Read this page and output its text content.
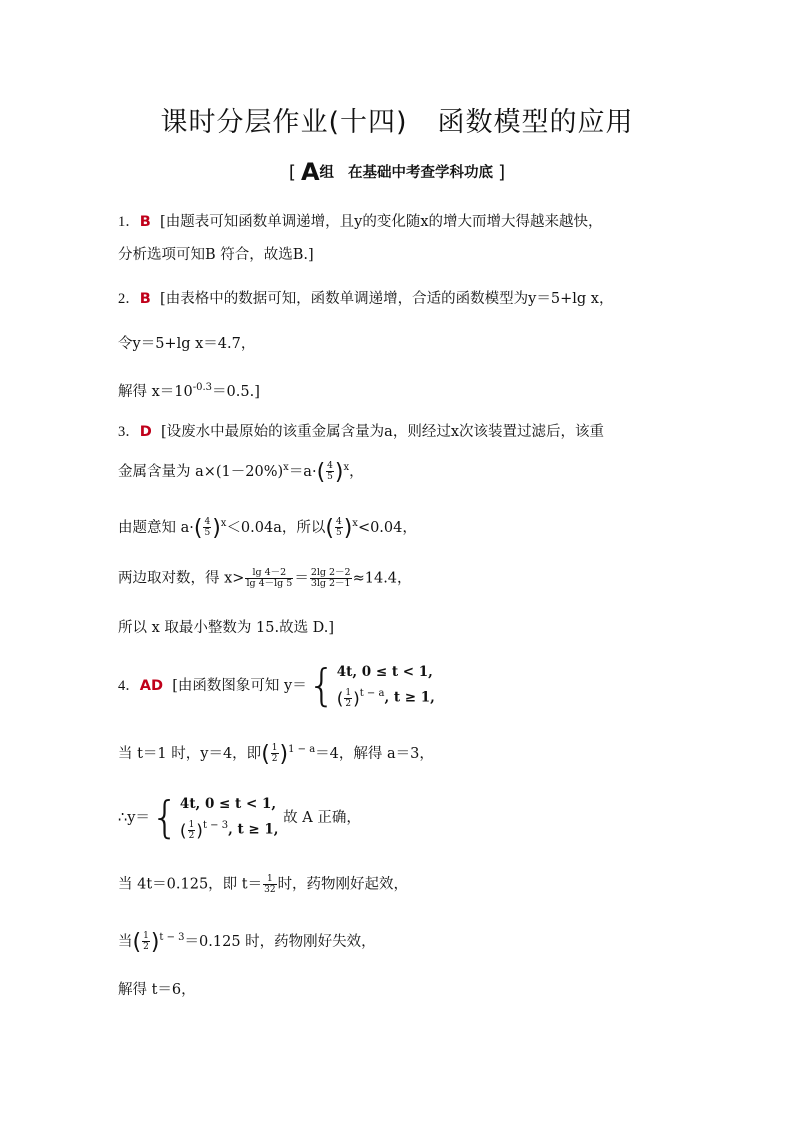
课时分层作业(十四) 函数模型的应用
[ A组 在基础中考查学科功底 ]
1．B [由题表可知函数单调递增，且y的变化随x的增大而增大得越来越快，
分析选项可知B 符合，故选B.]
2．B [由表格中的数据可知，函数单调递增，合适的函数模型为y＝5+lg x，
令y＝5+lg x＝4.7，
解得 $x=10^{-0.3}=0.5$.]
3．D [设废水中最原始的该重金属含量为a，则经过x次该装置过滤后，该重
金属含量为 $a\times(1-20\%)^x=a\cdot( \frac{4}{5} )^x$，
由题意知 $a\cdot( \frac{4}{5} )^x<0.04a$，所以( $\frac{4}{5} )^x<0.04$，
两边取对数，得 $x> \frac{\lg 4-2}{\lg 4-\lg 5} = \frac{2\lg 2-2}{3\lg 2-1} \approx 14.4$，
所以 x 取最小整数为 15.故选 D.]
4．AD [由函数图象可知 y＝{4t, 0 ≤ t < 1,
( $\frac{1}{2} )^{t - a}$, t ≥ 1,
当 t＝1 时，y＝4，即( $\frac{1}{2} )^{1 - a}=4$，解得 a＝3，
∴y＝{4t, 0 ≤ t < 1,
( $\frac{1}{2} )^{t - 3}$, t ≥ 1, 故 A 正确，
当 4t＝0.125，即 $t= \frac{1}{32}$ 时，药物刚好起效，
当( $\frac{1}{2} )^{t - 3}=0.125$ 时，药物刚好失效，
解得 t＝6，
